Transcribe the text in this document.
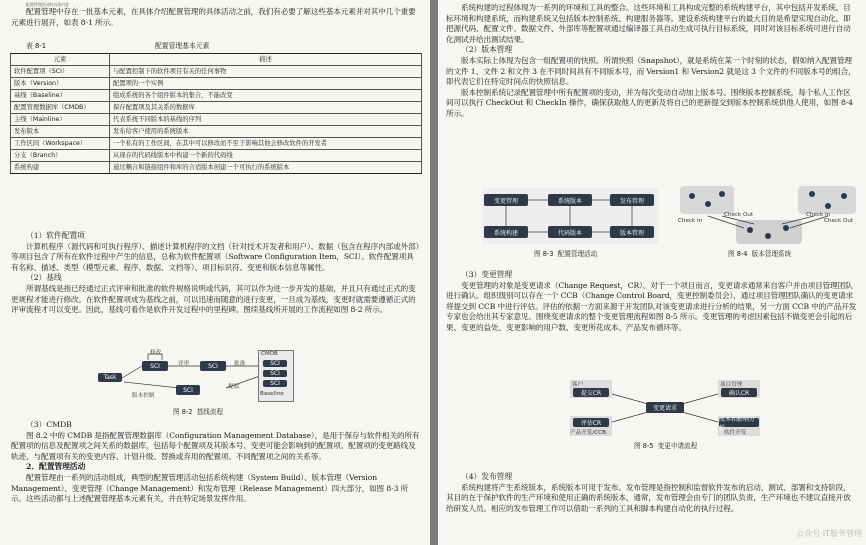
配置管理活动的具体内容

配置管理中存在一批基本元素，在具体介绍配置管理的具体活动之前，我们有必要了解这些基本元素并对其中几个重要元素进行展开，如表 8-1 所示。

表 8-1	配置管理基本元素
元素	描述
软件配置项（SCI）	与配置控制下的软件项目有关的任何事物
版本（Version）	配置项的一个实例
基线（Baseline）	组成系统的各个组件版本的集合，不能改变
配置管理数据库（CMDB）	保存配置项及其关系的数据库
主线（Mainline）	代表系统不同版本的基线的序列
发布版本	发布给客户使用的系统版本
工作区间（Workspace）	一个私有的工作区间，在其中可以修改而不至于影响其他会修改软件的开发者
分支（Branch）	从现存的代码线版本中构建一个新的代码线
系统构建	通过耦合和链接组件和库的合适版本创建一个可执行的系统版本

（1）软件配置项

计算机程序（源代码和可执行程序）、描述计算机程序的文档（针对技术开发者和用户）、数据（包含在程序内部或外部）等项目包含了所有在软件过程中产生的信息，总称为软件配置项（Software Configuration Item，SCI）。软件配置项具有名称、描述、类型（模型元素、程序、数据、文档等）、项目标识符、变更和版本信息等属性。

（2）基线

所谓基线是指已经通过正式评审和批准的软件规格说明或代码，其可以作为进一步开发的基础，并且只有通过正式的变更规程才能进行修改。在软件配置项成为基线之前，可以迅速而随意的进行变更，一旦成为基线，变更时就需要遵循正式的评审流程才可以变更。因此，基线可看作是软件开发过程中的里程碑。图续基线所开展的工作流程如图 8-2 所示。

Task
SCI	SCI
SCI
修改
评审	批准
提取
版本控制
CMDB
SCI
SCI
SCI
Baseline
图 8-2 基线流程

（3）CMDB

图 8.2 中的 CMDB 是指配置管理数据库（Configuration Management Database），是用于保存与软件相关的所有配置项的信息及配置项之间关系的数据库，包括每个配置项及其版本号、变更可能会影响到的配置项、配置项的变更路线及轨迹、与配置项有关的变更内容、计划升级、替换或弃用的配置项、不同配置项之间的关系等。

2．配置管理活动

配置管理由一系列的活动组成，典型的配置管理活动包括系统构建（System Build）、版本管理（Version Management）、变更管理（Change Management）和发布管理（Release Management）四大部分，如图 8-3 所示。这些活动都与上述配置管理基本元素有关，并在特定场景发挥作用。

系统构建的过程体现为一系列的环境和工具的整合。这些环境和工具构成完整的系统构建平台，其中包括开发系统、目标环境和构建系统，而构建系统又包括版本控制系统、构建服务器等。建设系统构建平台的最大目的是希望实现自动化，即把源代码、配置文件、数据文件、外部库等配置项通过编译器工具自动生成可执行目标系统，同时对该目标系统可进行自动化测试并给出测试结果。

（2）版本管理

版本实际上体现为包含一组配置项的快照。所谓快照（Snapshot），就是系统在某一个时刻的状态，假如纳入配置管理的文件 1、文件 2 和文件 3 在不同时间具有不同版本号，而 Version1 和 Version2 就是这 3 个文件的不同版本号的组合，即代表它们在特定时间点的快照信息。

版本控制系统记录配置管理中所有配置项的变动，并为每次变动自动加上版本号。围绕版本控制系统，每个私人工作区间可以执行 CheckOut 和 CheckIn 操作，确保获取他人的更新及将自己的更新提交到版本控制系统供他人使用，如图 8-4 所示。

变更管理	系统版本	发布管理
系统构建	代码版本	版本管理
图 8-3 配置管理活动
Check In
Check Out	Check In
Check Out
图 8-4 版本管理系统

（3）变更管理

变更管理的对象是变更请求（Change Request，CR）。对于一个项目而言，变更请求通常来自客户并由项目管理团队进行确认。组织级别可以存在一个 CCB（Change Control Board，变更控制委员会），通过项目管理团队确认的变更请求将提交到 CCB 中进行评估。评估的依据一方面来源于开发团队对该变更请求进行分析的结果，另一方面 CCB 中的产品开发专家也会给出其专家意见。围绕变更请求的整个变更管理流程如图 8-5 所示。变更管理的考虑因素包括不做变更会引起的后果、变更的益处、变更影响的用户数、变更所花成本、产品发布循环等。

客户
提交CR
项目管理
确认CR
变更请求
评估CR
产品开发/CCB
成本和影响分析
软件开发
图 8-5 变更申请流程

（4）发布管理

系统构建将产生系统版本，系统版本可用于发布。发布管理是指控制和监督软件发布的启动、测试、部署和支持阶段，其目的在于保护软件的生产环境和使用正确的系统版本，通常，发布管理会由专门的团队负责，生产环境也不建议直接开放给研发人员。相应的发布管理工作可以借助一系列的工具和脚本构建自动化的执行过程。

公众号·IT服务管理
